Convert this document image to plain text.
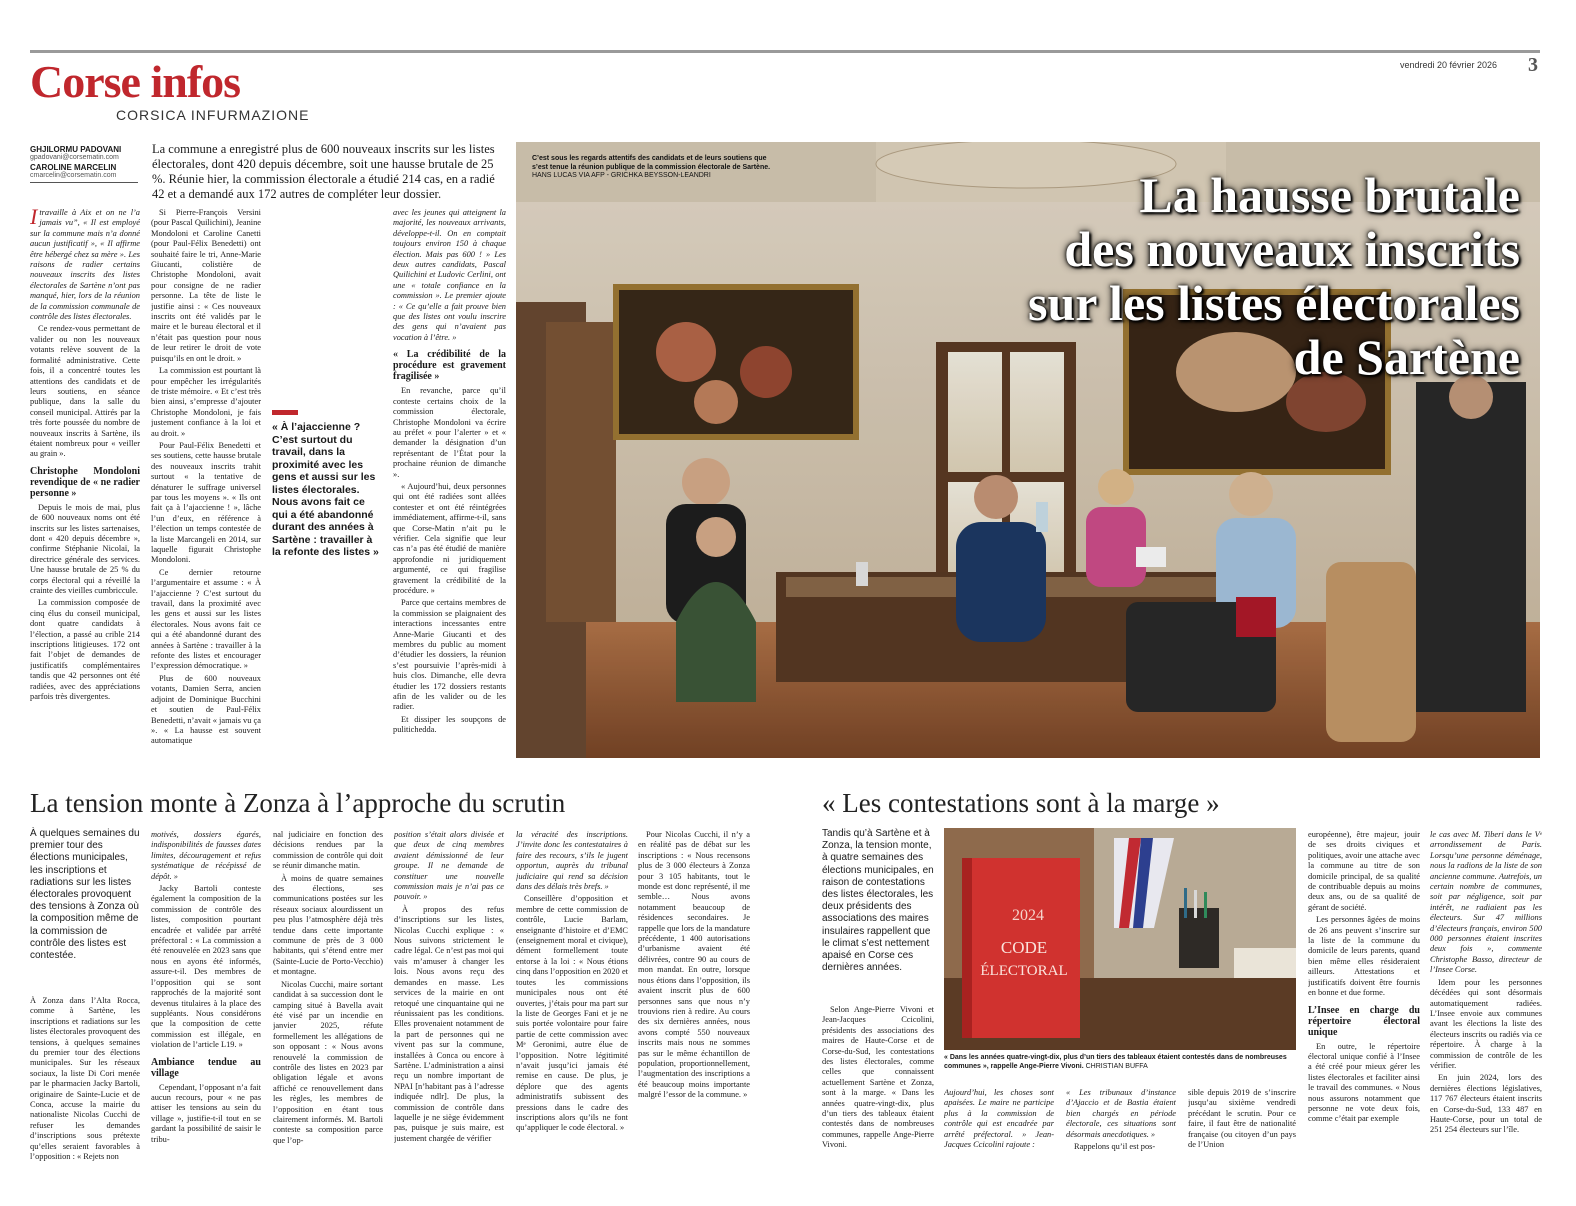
Corse infos
CORSICA INFURMAZIONE
vendredi 20 février 2026 3
GHJILORMU PADOVANI
gpadovani@corsematin.com
CAROLINE MARCELIN
cmarcelin@corsematin.com
La commune a enregistré plus de 600 nouveaux inscrits sur les listes électorales, dont 420 depuis décembre, soit une hausse brutale de 25 %. Réunie hier, la commission électorale a étudié 214 cas, en a radié 42 et a demandé aux 172 autres de compléter leur dossier.

Itravaille à Aix et on ne l’a jamais vu”, « Il est employé sur la commune mais n’a donné aucun justificatif », « Il affirme être hébergé chez sa mère ». Les raisons de radier certains nouveaux inscrits des listes électorales de Sartène n’ont pas manqué, hier, lors de la réunion de la commission communale de contrôle des listes électorales.

Ce rendez-vous permettant de valider ou non les nouveaux votants relève souvent de la formalité administrative. Cette fois, il a concentré toutes les attentions des candidats et de leurs soutiens, en séance publique, dans la salle du conseil municipal. Attirés par la très forte poussée du nombre de nouveaux inscrits à Sartène, ils étaient nombreux pour « veiller au grain ».

Christophe Mondoloni revendique de « ne radier personne »

Depuis le mois de mai, plus de 600 nouveaux noms ont été inscrits sur les listes sartenaises, dont « 420 depuis décembre », confirme Stéphanie Nicolaï, la directrice générale des services. Une hausse brutale de 25 % du corps électoral qui a réveillé la crainte des vieilles cumbriccule.

La commission composée de cinq élus du conseil municipal, dont quatre candidats à l’élection, a passé au crible 214 inscriptions litigieuses. 172 ont fait l’objet de demandes de justificatifs complémentaires tandis que 42 personnes ont été radiées, avec des appréciations parfois très divergentes.

Si Pierre-François Versini (pour Pascal Quilichini), Jeanine Mondoloni et Caroline Canetti (pour Paul-Félix Benedetti) ont souhaité faire le tri, Anne-Marie Giucanti, colistière de Christophe Mondoloni, avait pour consigne de ne radier personne. La tête de liste le justifie ainsi : « Ces nouveaux inscrits ont été validés par le maire et le bureau électoral et il n’était pas question pour nous de leur retirer le droit de vote puisqu’ils en ont le droit. »

La commission est pourtant là pour empêcher les irrégularités de triste mémoire. « Et c’est très bien ainsi, s’empresse d’ajouter Christophe Mondoloni, je fais justement confiance à la loi et au droit. »

Pour Paul-Félix Benedetti et ses soutiens, cette hausse brutale des nouveaux inscrits trahit surtout « la tentative de dénaturer le suffrage universel par tous les moyens ». « Ils ont fait ça à l’ajaccienne ! », lâche l’un d’eux, en référence à l’élection un temps contestée de la liste Marcangeli en 2014, sur laquelle figurait Christophe Mondoloni.

Ce dernier retourne l’argumentaire et assume : « À l’ajaccienne ? C’est surtout du travail, dans la proximité avec les gens et aussi sur les listes électorales. Nous avons fait ce qui a été abandonné durant des années à Sartène : travailler à la refonte des listes et encourager l’expression démocratique. »

Plus de 600 nouveaux votants, Damien Serra, ancien adjoint de Dominique Bucchini et soutien de Paul-Félix Benedetti, n’avait « jamais vu ça ». « La hausse est souvent automatique

« À l’ajaccienne ? C’est surtout du travail, dans la proximité avec les gens et aussi sur les listes électorales. Nous avons fait ce qui a été abandonné durant des années à Sartène : travailler à la refonte des listes »

avec les jeunes qui atteignent la majorité, les nouveaux arrivants, développe-t-il. On en comptait toujours environ 150 à chaque élection. Mais pas 600 ! » Les deux autres candidats, Pascal Quilichini et Ludovic Cerlini, ont une « totale confiance en la commission ». Le premier ajoute : « Ce qu’elle a fait prouve bien que des listes ont voulu inscrire des gens qui n’avaient pas vocation à l’être. »

« La crédibilité de la procédure est gravement fragilisée »

En revanche, parce qu’il conteste certains choix de la commission électorale, Christophe Mondoloni va écrire au préfet « pour l’alerter » et « demander la désignation d’un représentant de l’État pour la prochaine réunion de dimanche ».

« Aujourd’hui, deux personnes qui ont été radiées sont allées contester et ont été réintégrées immédiatement, affirme-t-il, sans que Corse-Matin n’ait pu le vérifier. Cela signifie que leur cas n’a pas été étudié de manière approfondie ni juridiquement argumenté, ce qui fragilise gravement la crédibilité de la procédure. »

Parce que certains membres de la commission se plaignaient des interactions incessantes entre Anne-Marie Giucanti et des membres du public au moment d’étudier les dossiers, la réunion s’est poursuivie l’après-midi à huis clos. Dimanche, elle devra étudier les 172 dossiers restants afin de les valider ou de les radier.

Et dissiper les soupçons de pulitichedda.

C’est sous les regards attentifs des candidats et de leurs soutiens que s’est tenue la réunion publique de la commission électorale de Sartène. HANS LUCAS VIA AFP - GRICHKA BEYSSON-LEANDRI	La hausse brutale
des nouveaux inscrits
sur les listes électorales
de Sartène
La tension monte à Zonza à l’approche du scrutin
À quelques semaines du premier tour des élections municipales, les inscriptions et radiations sur les listes électorales provoquent des tensions à Zonza où la composition même de la commission de contrôle des listes est contestée.

À Zonza dans l’Alta Rocca, comme à Sartène, les inscriptions et radiations sur les listes électorales provoquent des tensions, à quelques semaines du premier tour des élections municipales. Sur les réseaux sociaux, la liste Di Cori menée par le pharmacien Jacky Bartoli, originaire de Sainte-Lucie et de Conca, accuse la mairie du nationaliste Nicolas Cucchi de refuser les demandes d’inscriptions sous prétexte qu’elles seraient favorables à l’opposition : « Rejets non

motivés, dossiers égarés, indisponibilités de fausses dates limites, découragement et refus systématique de récépissé de dépôt. »

Jacky Bartoli conteste également la composition de la commission de contrôle des listes, composition pourtant encadrée et validée par arrêté préfectoral : « La commission a été renouvelée en 2023 sans que nous en ayons été informés, assure-t-il. Des membres de l’opposition qui se sont rapprochés de la majorité sont devenus titulaires à la place des suppléants. Nous considérons que la composition de cette commission est illégale, en violation de l’article L19. »

Ambiance tendue au village

Cependant, l’opposant n’a fait aucun recours, pour « ne pas attiser les tensions au sein du village », justifie-t-il tout en se gardant la possibilité de saisir le tribu-

nal judiciaire en fonction des décisions rendues par la commission de contrôle qui doit se réunir dimanche matin.

À moins de quatre semaines des élections, ses communications postées sur les réseaux sociaux alourdissent un peu plus l’atmosphère déjà très tendue dans cette importante commune de près de 3 000 habitants, qui s’étend entre mer (Sainte-Lucie de Porto-Vecchio) et montagne.

Nicolas Cucchi, maire sortant candidat à sa succession dont le camping situé à Bavella avait été visé par un incendie en janvier 2025, réfute formellement les allégations de son opposant : « Nous avons renouvelé la commission de contrôle des listes en 2023 par obligation légale et avons affiché ce renouvellement dans les règles, les membres de l’opposition en étant tous clairement informés. M. Bartoli conteste sa composition parce que l’op-

position s’était alors divisée et que deux de cinq membres avaient démissionné de leur groupe. Il ne demande de constituer une nouvelle commission mais je n’ai pas ce pouvoir. »

À propos des refus d’inscriptions sur les listes, Nicolas Cucchi explique : « Nous suivons strictement le cadre légal. Ce n’est pas moi qui vais m’amuser à changer les lois. Nous avons reçu des demandes en masse. Les services de la mairie en ont retoqué une cinquantaine qui ne réunissaient pas les conditions. Elles provenaient notamment de la part de personnes qui ne vivent pas sur la commune, installées à Conca ou encore à Sartène. L’administration a ainsi reçu un nombre important de NPAI [n’habitant pas à l’adresse indiquée ndlr]. De plus, la commission de contrôle dans laquelle je ne siège évidemment pas, puisque je suis maire, est justement chargée de vérifier

la véracité des inscriptions. J’invite donc les contestataires à faire des recours, s’ils le jugent opportun, auprès du tribunal judiciaire qui rend sa décision dans des délais très brefs. »

Conseillère d’opposition et membre de cette commission de contrôle, Lucie Barlam, enseignante d’histoire et d’EMC (enseignement moral et civique), dément formellement toute entorse à la loi : « Nous étions cinq dans l’opposition en 2020 et toutes les commissions municipales nous ont été ouvertes, j’étais pour ma part sur la liste de Georges Fani et je ne suis portée volontaire pour faire partie de cette commission avec Mᵉ Geronimi, autre élue de l’opposition. Notre légitimité n’avait jusqu’ici jamais été remise en cause. De plus, je déplore que des agents administratifs subissent des pressions dans le cadre des inscriptions alors qu’ils ne font qu’appliquer le code électoral. »

Pour Nicolas Cucchi, il n’y a en réalité pas de débat sur les inscriptions : « Nous recensons plus de 3 000 électeurs à Zonza pour 3 105 habitants, tout le monde est donc représenté, il me semble… Nous avons notamment beaucoup de résidences secondaires. Je rappelle que lors de la mandature précédente, 1 400 autorisations d’urbanisme avaient été délivrées, contre 90 au cours de mon mandat. En outre, lorsque nous étions dans l’opposition, ils avaient inscrit plus de 600 personnes sans que nous n’y trouvions rien à redire. Au cours des six dernières années, nous avons compté 550 nouveaux inscrits mais nous ne sommes pas sur le même échantillon de population, proportionnellement, l’augmentation des inscriptions a été beaucoup moins importante malgré l’essor de la commune. »

« Les contestations sont à la marge »
Tandis qu’à Sartène et à Zonza, la tension monte, à quatre semaines des élections municipales, en raison de contestations des listes électorales, les deux présidents des associations des maires insulaires rappellent que le climat s’est nettement apaisé en Corse ces dernières années.

Selon Ange-Pierre Vivoni et Jean-Jacques Ccicolini, présidents des associations des maires de Haute-Corse et de Corse-du-Sud, les contestations des listes électorales, comme celles que connaissent actuellement Sartène et Zonza, sont à la marge. « Dans les années quatre-vingt-dix, plus d’un tiers des tableaux étaient contestés dans de nombreuses communes, rappelle Ange-Pierre Vivoni.

2024
CODE
ÉLECTORAL
« Dans les années quatre-vingt-dix, plus d’un tiers des tableaux étaient contestés dans de nombreuses communes », rappelle Ange-Pierre Vivoni. CHRISTIAN BUFFA

Aujourd’hui, les choses sont apaisées. Le maire ne participe plus à la commission de contrôle qui est encadrée par arrêté préfectoral. » Jean-Jacques Ccicolini rajoute :

« Les tribunaux d’instance d’Ajaccio et de Bastia étaient bien chargés en période électorale, ces situations sont désormais anecdotiques. »

Rappelons qu’il est pos-

sible depuis 2019 de s’inscrire jusqu’au sixième vendredi précédant le scrutin. Pour ce faire, il faut être de nationalité française (ou citoyen d’un pays de l’Union

européenne), être majeur, jouir de ses droits civiques et politiques, avoir une attache avec la commune au titre de son domicile principal, de sa qualité de contribuable depuis au moins deux ans, ou de sa qualité de gérant de société.

Les personnes âgées de moins de 26 ans peuvent s’inscrire sur la liste de la commune du domicile de leurs parents, quand bien même elles résideraient ailleurs. Attestations et justificatifs doivent être fournis en bonne et due forme.

L’Insee en charge du répertoire électoral unique

En outre, le répertoire électoral unique confié à l’Insee a été créé pour mieux gérer les listes électorales et faciliter ainsi le travail des communes. « Nous nous assurons notamment que personne ne vote deux fois, comme c’était par exemple

le cas avec M. Tiberi dans le Vᵉ arrondissement de Paris. Lorsqu’une personne déménage, nous la radions de la liste de son ancienne commune. Autrefois, un certain nombre de communes, soit par négligence, soit par intérêt, ne radiaient pas les électeurs. Sur 47 millions d’électeurs français, environ 500 000 personnes étaient inscrites deux fois », commente Christophe Basso, directeur de l’Insee Corse.

Idem pour les personnes décédées qui sont désormais automatiquement radiées. L’Insee envoie aux communes avant les élections la liste des électeurs inscrits ou radiés via ce répertoire. À charge à la commission de contrôle de les vérifier.

En juin 2024, lors des dernières élections législatives, 117 767 électeurs étaient inscrits en Corse-du-Sud, 133 487 en Haute-Corse, pour un total de 251 254 électeurs sur l’île.
